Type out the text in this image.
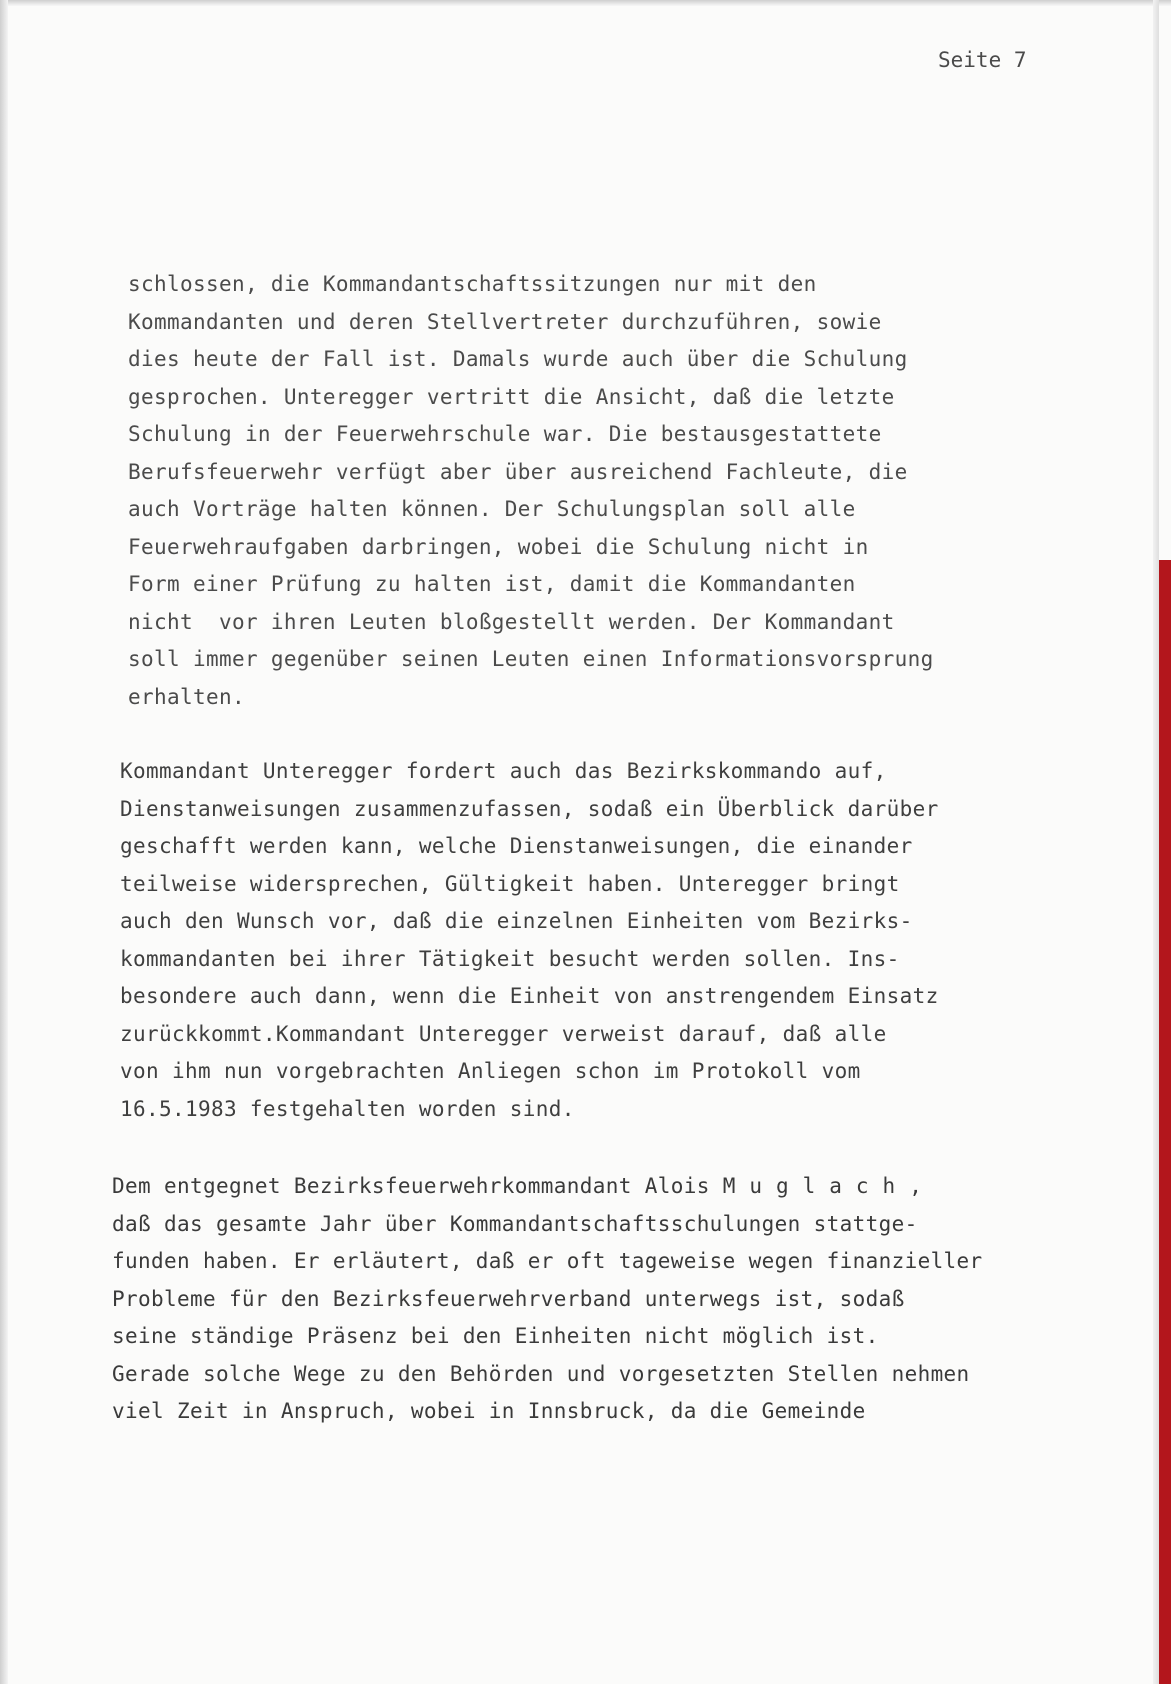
Seite 7
schlossen, die Kommandantschaftssitzungen nur mit den
Kommandanten und deren Stellvertreter durchzuführen, sowie
dies heute der Fall ist. Damals wurde auch über die Schulung
gesprochen. Unteregger vertritt die Ansicht, daß die letzte
Schulung in der Feuerwehrschule war. Die bestausgestattete
Berufsfeuerwehr verfügt aber über ausreichend Fachleute, die
auch Vorträge halten können. Der Schulungsplan soll alle
Feuerwehraufgaben darbringen, wobei die Schulung nicht in
Form einer Prüfung zu halten ist, damit die Kommandanten
nicht  vor ihren Leuten bloßgestellt werden. Der Kommandant
soll immer gegenüber seinen Leuten einen Informationsvorsprung
erhalten.
Kommandant Unteregger fordert auch das Bezirkskommando auf,
Dienstanweisungen zusammenzufassen, sodaß ein Überblick darüber
geschafft werden kann, welche Dienstanweisungen, die einander
teilweise widersprechen, Gültigkeit haben. Unteregger bringt
auch den Wunsch vor, daß die einzelnen Einheiten vom Bezirks-
kommandanten bei ihrer Tätigkeit besucht werden sollen. Ins-
besondere auch dann, wenn die Einheit von anstrengendem Einsatz
zurückkommt.Kommandant Unteregger verweist darauf, daß alle
von ihm nun vorgebrachten Anliegen schon im Protokoll vom
16.5.1983 festgehalten worden sind.
Dem entgegnet Bezirksfeuerwehrkommandant Alois Muglach,
daß das gesamte Jahr über Kommandantschaftsschulungen stattge-
funden haben. Er erläutert, daß er oft tageweise wegen finanzieller
Probleme für den Bezirksfeuerwehrverband unterwegs ist, sodaß
seine ständige Präsenz bei den Einheiten nicht möglich ist.
Gerade solche Wege zu den Behörden und vorgesetzten Stellen nehmen
viel Zeit in Anspruch, wobei in Innsbruck, da die Gemeinde
